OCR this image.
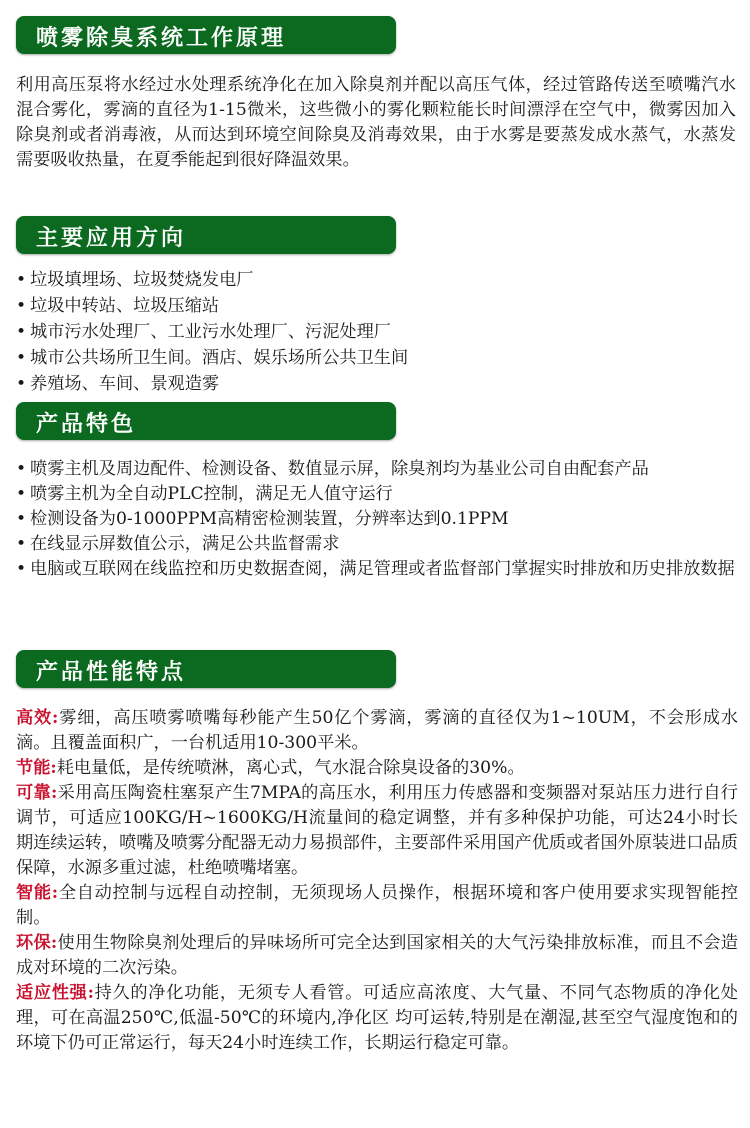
喷雾除臭系统工作原理
利用高压泵将水经过水处理系统净化在加入除臭剂并配以高压气体，经过管路传送至喷嘴汽水混合雾化，雾滴的直径为1-15微米，这些微小的雾化颗粒能长时间漂浮在空气中，微雾因加入除臭剂或者消毒液，从而达到环境空间除臭及消毒效果，由于水雾是要蒸发成水蒸气，水蒸发需要吸收热量，在夏季能起到很好降温效果。
主要应用方向
• 垃圾填埋场、垃圾焚烧发电厂
• 垃圾中转站、垃圾压缩站
• 城市污水处理厂、工业污水处理厂、污泥处理厂
• 城市公共场所卫生间。酒店、娱乐场所公共卫生间
• 养殖场、车间、景观造雾
产品特色
• 喷雾主机及周边配件、检测设备、数值显示屏，除臭剂均为基业公司自由配套产品
• 喷雾主机为全自动PLC控制，满足无人值守运行
• 检测设备为0-1000PPM高精密检测装置，分辨率达到0.1PPM
• 在线显示屏数值公示，满足公共监督需求
• 电脑或互联网在线监控和历史数据查阅，满足管理或者监督部门掌握实时排放和历史排放数据
产品性能特点

高效:雾细，高压喷雾喷嘴每秒能产生50亿个雾滴，雾滴的直径仅为1~10UM，不会形成水滴。且覆盖面积广，一台机适用10-300平米。

节能:耗电量低，是传统喷淋，离心式，气水混合除臭设备的30%。

可靠:采用高压陶瓷柱塞泵产生7MPA的高压水，利用压力传感器和变频器对泵站压力进行自行调节，可适应100KG/H~1600KG/H流量间的稳定调整，并有多种保护功能，可达24小时长期连续运转，喷嘴及喷雾分配器无动力易损部件，主要部件采用国产优质或者国外原装进口品质保障，水源多重过滤，杜绝喷嘴堵塞。

智能:全自动控制与远程自动控制，无须现场人员操作，根据环境和客户使用要求实现智能控制。

环保:使用生物除臭剂处理后的异味场所可完全达到国家相关的大气污染排放标准，而且不会造成对环境的二次污染。

适应性强:持久的净化功能，无须专人看管。可适应高浓度、大气量、不同气态物质的净化处理，可在高温250℃,低温-50℃的环境内,净化区 均可运转,特别是在潮湿,甚至空气湿度饱和的环境下仍可正常运行，每天24小时连续工作，长期运行稳定可靠。
